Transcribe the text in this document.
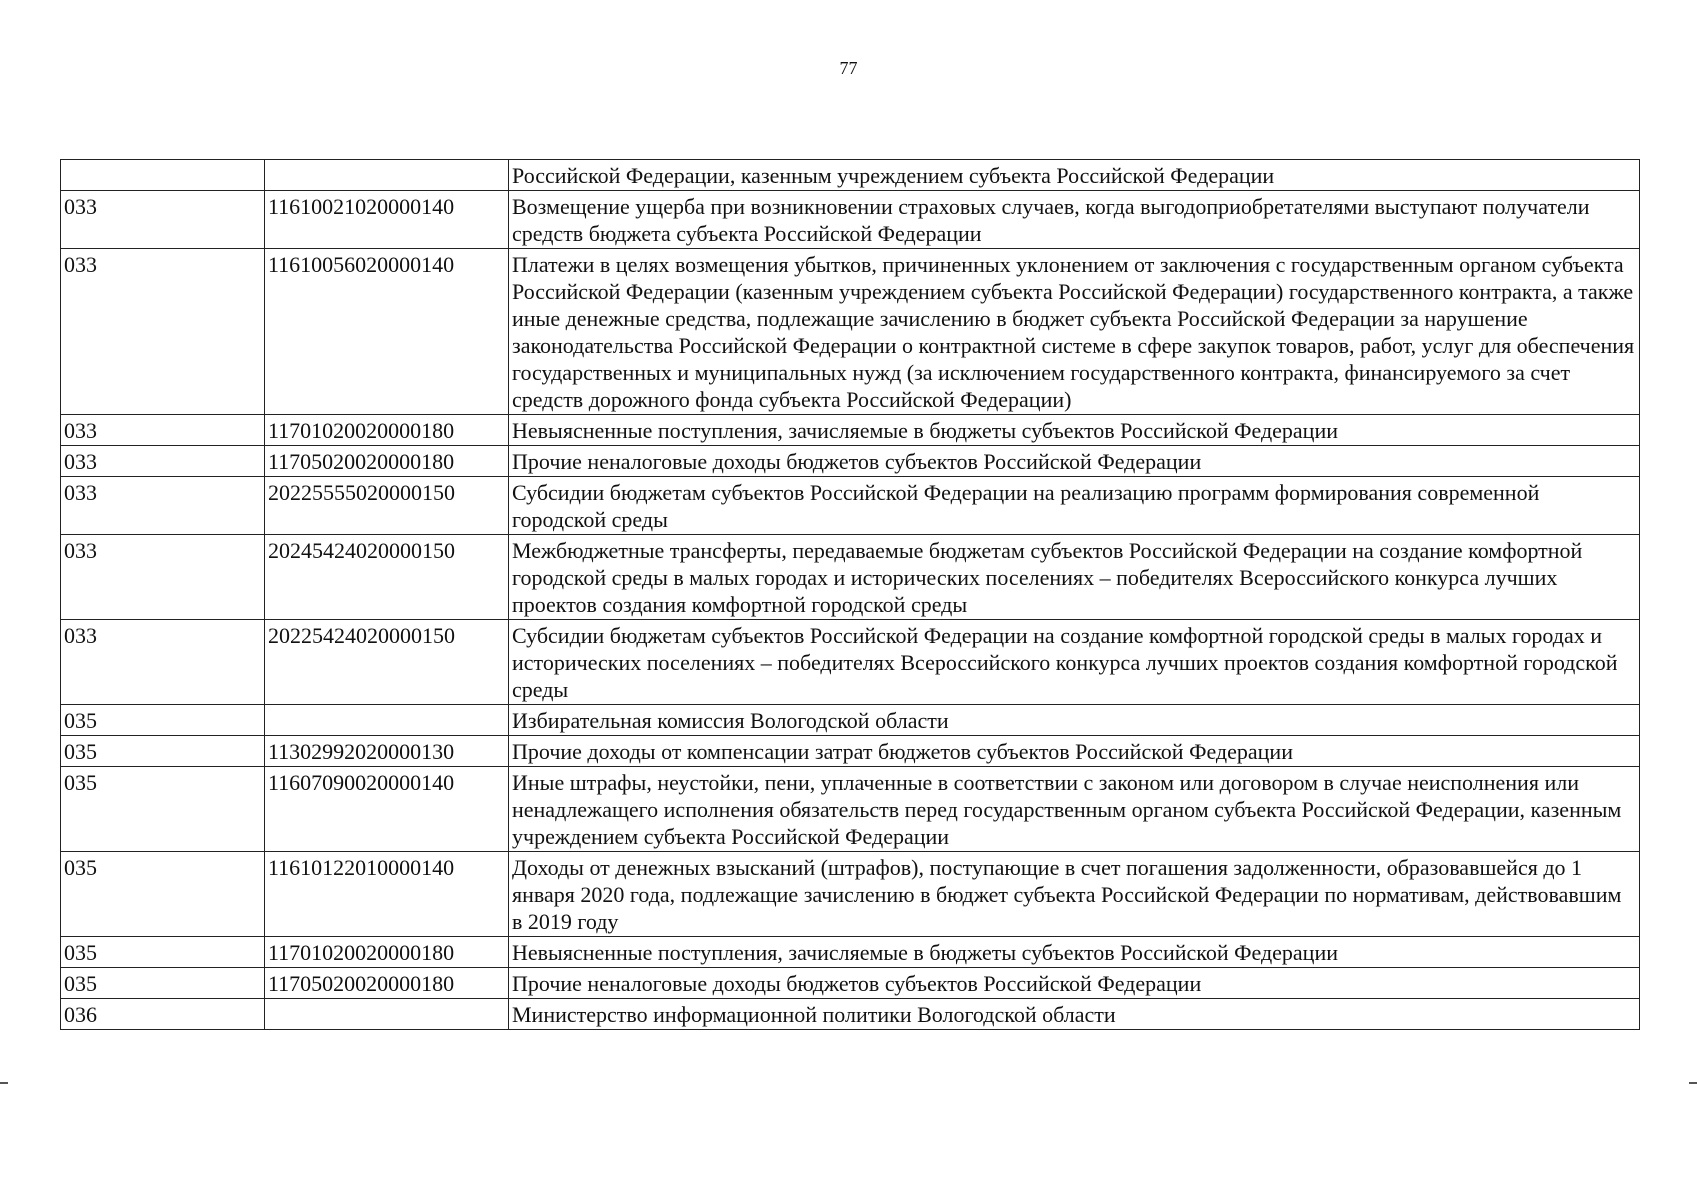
77
		Российской Федерации, казенным учреждением субъекта Российской Федерации
033	11610021020000140	Возмещение ущерба при возникновении страховых случаев, когда выгодоприобретателями выступают получатели средств бюджета субъекта Российской Федерации
033	11610056020000140	Платежи в целях возмещения убытков, причиненных уклонением от заключения с государственным органом субъекта Российской Федерации (казенным учреждением субъекта Российской Федерации) государственного контракта, а также иные денежные средства, подлежащие зачислению в бюджет субъекта Российской Федерации за нарушение законодательства Российской Федерации о контрактной системе в сфере закупок товаров, работ, услуг для обеспечения государственных и муниципальных нужд (за исключением государственного контракта, финансируемого за счет средств дорожного фонда субъекта Российской Федерации)
033	11701020020000180	Невыясненные поступления, зачисляемые в бюджеты субъектов Российской Федерации
033	11705020020000180	Прочие неналоговые доходы бюджетов субъектов Российской Федерации
033	20225555020000150	Субсидии бюджетам субъектов Российской Федерации на реализацию программ формирования современной городской среды
033	20245424020000150	Межбюджетные трансферты, передаваемые бюджетам субъектов Российской Федерации на создание комфортной городской среды в малых городах и исторических поселениях – победителях Всероссийского конкурса лучших проектов создания комфортной городской среды
033	20225424020000150	Субсидии бюджетам субъектов Российской Федерации на создание комфортной городской среды в малых городах и исторических поселениях – победителях Всероссийского конкурса лучших проектов создания комфортной городской среды
035		Избирательная комиссия Вологодской области
035	11302992020000130	Прочие доходы от компенсации затрат бюджетов субъектов Российской Федерации
035	11607090020000140	Иные штрафы, неустойки, пени, уплаченные в соответствии с законом или договором в случае неисполнения или ненадлежащего исполнения обязательств перед государственным органом субъекта Российской Федерации, казенным учреждением субъекта Российской Федерации
035	11610122010000140	Доходы от денежных взысканий (штрафов), поступающие в счет погашения задолженности, образовавшейся до 1 января 2020 года, подлежащие зачислению в бюджет субъекта Российской Федерации по нормативам, действовавшим в 2019 году
035	11701020020000180	Невыясненные поступления, зачисляемые в бюджеты субъектов Российской Федерации
035	11705020020000180	Прочие неналоговые доходы бюджетов субъектов Российской Федерации
036		Министерство информационной политики Вологодской области
